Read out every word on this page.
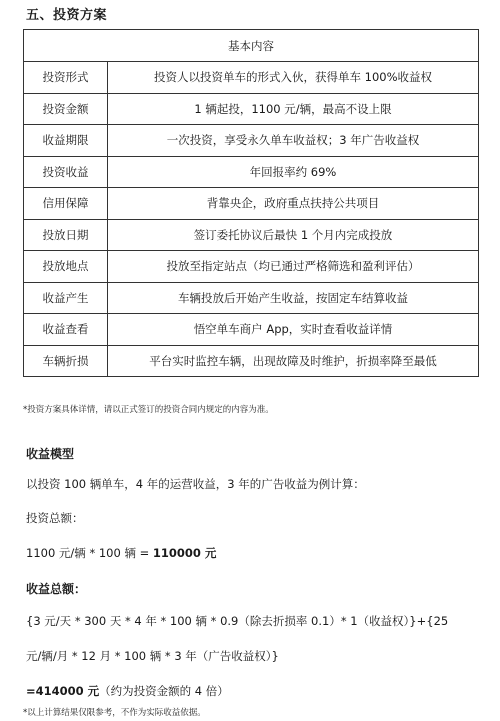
五、投资方案
基本内容	
投资形式	投资人以投资单车的形式入伙，获得单车 100%收益权
投资金额	1 辆起投，1100 元/辆，最高不设上限
收益期限	一次投资，享受永久单车收益权；3 年广告收益权
投资收益	年回报率约 69%
信用保障	背靠央企，政府重点扶持公共项目
投放日期	签订委托协议后最快 1 个月内完成投放
投放地点	投放至指定站点（均已通过严格筛选和盈利评估）
收益产生	车辆投放后开始产生收益，按固定车结算收益
收益查看	悟空单车商户 App，实时查看收益详情
车辆折损	平台实时监控车辆，出现故障及时维护，折损率降至最低
*投资方案具体详情，请以正式签订的投资合同内规定的内容为准。
收益模型
以投资 100 辆单车，4 年的运营收益，3 年的广告收益为例计算：
投资总额：
1100 元/辆 * 100 辆 = 110000 元
收益总额：
{3 元/天 * 300 天 * 4 年 * 100 辆 * 0.9（除去折损率 0.1）* 1（收益权）}+{25
元/辆/月 * 12 月 * 100 辆 * 3 年（广告收益权）}
=414000 元（约为投资金额的 4 倍）
*以上计算结果仅限参考，不作为实际收益依据。
